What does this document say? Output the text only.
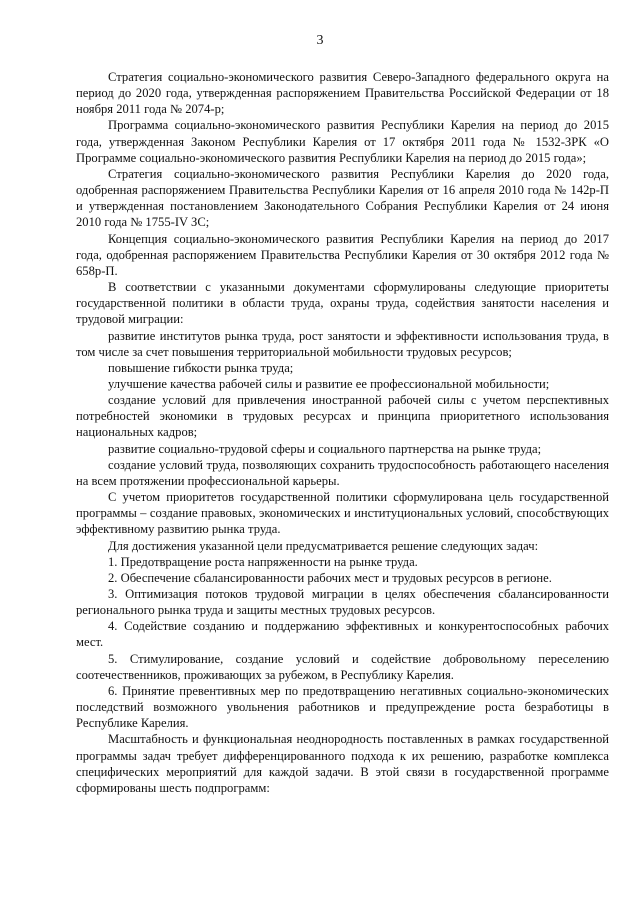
3

Стратегия социально-экономического развития Северо-Западного федерального округа на период до 2020 года, утвержденная распоряжением Правительства Российской Федерации от 18 ноября 2011 года № 2074-р;

Программа социально-экономического развития Республики Карелия на период до 2015 года, утвержденная Законом Республики Карелия от 17 октября 2011 года № 1532-ЗРК «О Программе социально-экономического развития Республики Карелия на период до 2015 года»;

Стратегия социально-экономического развития Республики Карелия до 2020 года, одобренная распоряжением Правительства Республики Карелия от 16 апреля 2010 года № 142р-П и утвержденная постановлением Законодательного Собрания Республики Карелия от 24 июня 2010 года № 1755-IV ЗС;

Концепция социально-экономического развития Республики Карелия на период до 2017 года, одобренная распоряжением Правительства Республики Карелия от 30 октября 2012 года № 658р-П.

В соответствии с указанными документами сформулированы следующие приоритеты государственной политики в области труда, охраны труда, содействия занятости населения и трудовой миграции:

развитие институтов рынка труда, рост занятости и эффективности использования труда, в том числе за счет повышения территориальной мобильности трудовых ресурсов;

повышение гибкости рынка труда;

улучшение качества рабочей силы и развитие ее профессиональной мобильности;

создание условий для привлечения иностранной рабочей силы с учетом перспективных потребностей экономики в трудовых ресурсах и принципа приоритетного использования национальных кадров;

развитие социально-трудовой сферы и социального партнерства на рынке труда;

создание условий труда, позволяющих сохранить трудоспособность работающего населения на всем протяжении профессиональной карьеры.

С учетом приоритетов государственной политики сформулирована цель государственной программы – создание правовых, экономических и институциональных условий, способствующих эффективному развитию рынка труда.

Для достижения указанной цели предусматривается решение следующих задач:

1. Предотвращение роста напряженности на рынке труда.

2. Обеспечение сбалансированности рабочих мест и трудовых ресурсов в регионе.

3. Оптимизация потоков трудовой миграции в целях обеспечения сбалансированности регионального рынка труда и защиты местных трудовых ресурсов.

4. Содействие созданию и поддержанию эффективных и конкурентоспособных рабочих мест.

5. Стимулирование, создание условий и содействие добровольному переселению соотечественников, проживающих за рубежом, в Республику Карелия.

6. Принятие превентивных мер по предотвращению негативных социально-экономических последствий возможного увольнения работников и предупреждение роста безработицы в Республике Карелия.

Масштабность и функциональная неоднородность поставленных в рамках государственной программы задач требует дифференцированного подхода к их решению, разработке комплекса специфических мероприятий для каждой задачи. В этой связи в государственной программе сформированы шесть подпрограмм:
